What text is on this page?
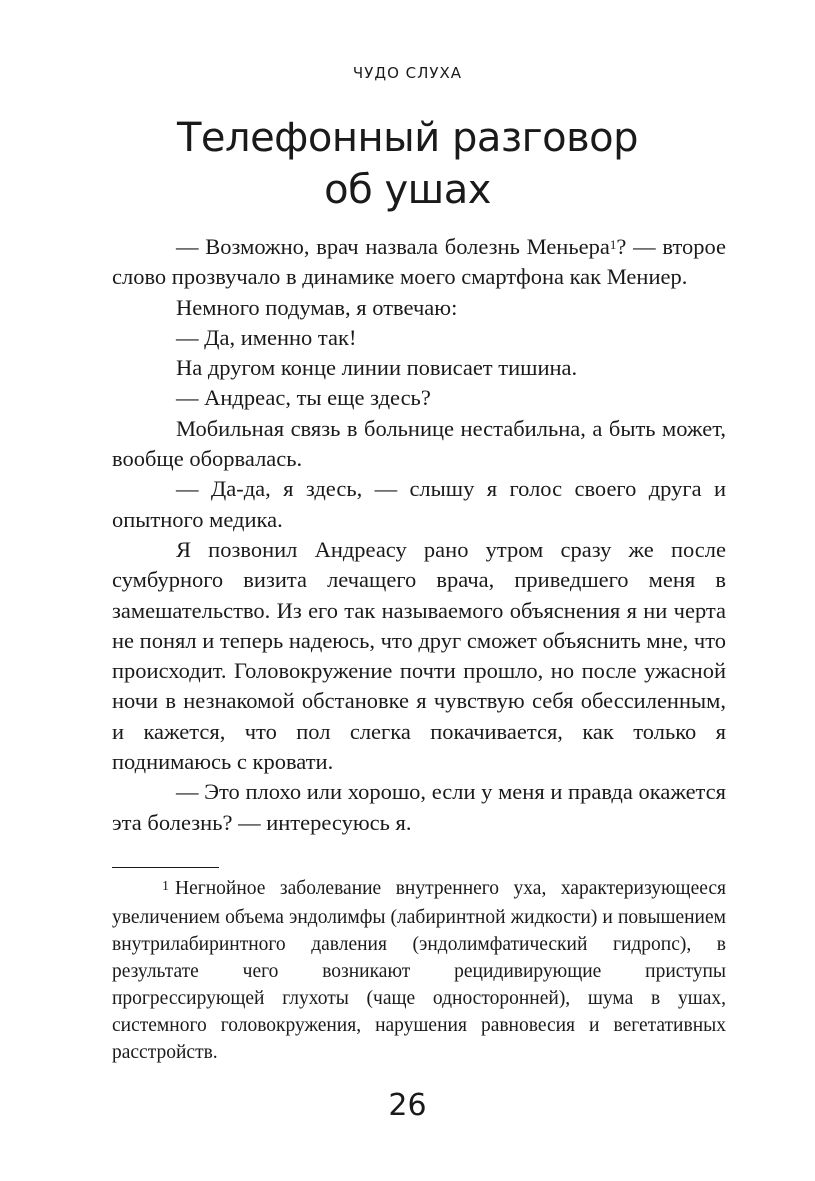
ЧУДО СЛУХА
Телефонный разговор
об ушах

— Возможно, врач назвала болезнь Меньера$^1$? — второе слово прозвучало в динамике моего смартфона как Мениер.

Немного подумав, я отвечаю:

— Да, именно так!

На другом конце линии повисает тишина.

— Андреас, ты еще здесь?

Мобильная связь в больнице нестабильна, а быть может, вообще оборвалась.

— Да-да, я здесь, — слышу я голос своего друга и опытного медика.

Я позвонил Андреасу рано утром сразу же после сумбурного визита лечащего врача, приведшего меня в замешательство. Из его так называемого объяснения я ни черта не понял и теперь надеюсь, что друг сможет объяснить мне, что происходит. Головокружение почти прошло, но после ужасной ночи в незнакомой обстановке я чувствую себя обессиленным, и кажется, что пол слегка покачивается, как только я поднимаюсь с кровати.

— Это плохо или хорошо, если у меня и правда окажется эта болезнь? — интересуюсь я.

$^1$ Негнойное заболевание внутреннего уха, характеризующееся увеличением объема эндолимфы (лабиринтной жидкости) и повышением внутрилабиринтного давления (эндолимфатический гидропс), в результате чего возникают рецидивирующие приступы прогрессирующей глухоты (чаще односторонней), шума в ушах, системного головокружения, нарушения равновесия и вегетативных расстройств.

26
